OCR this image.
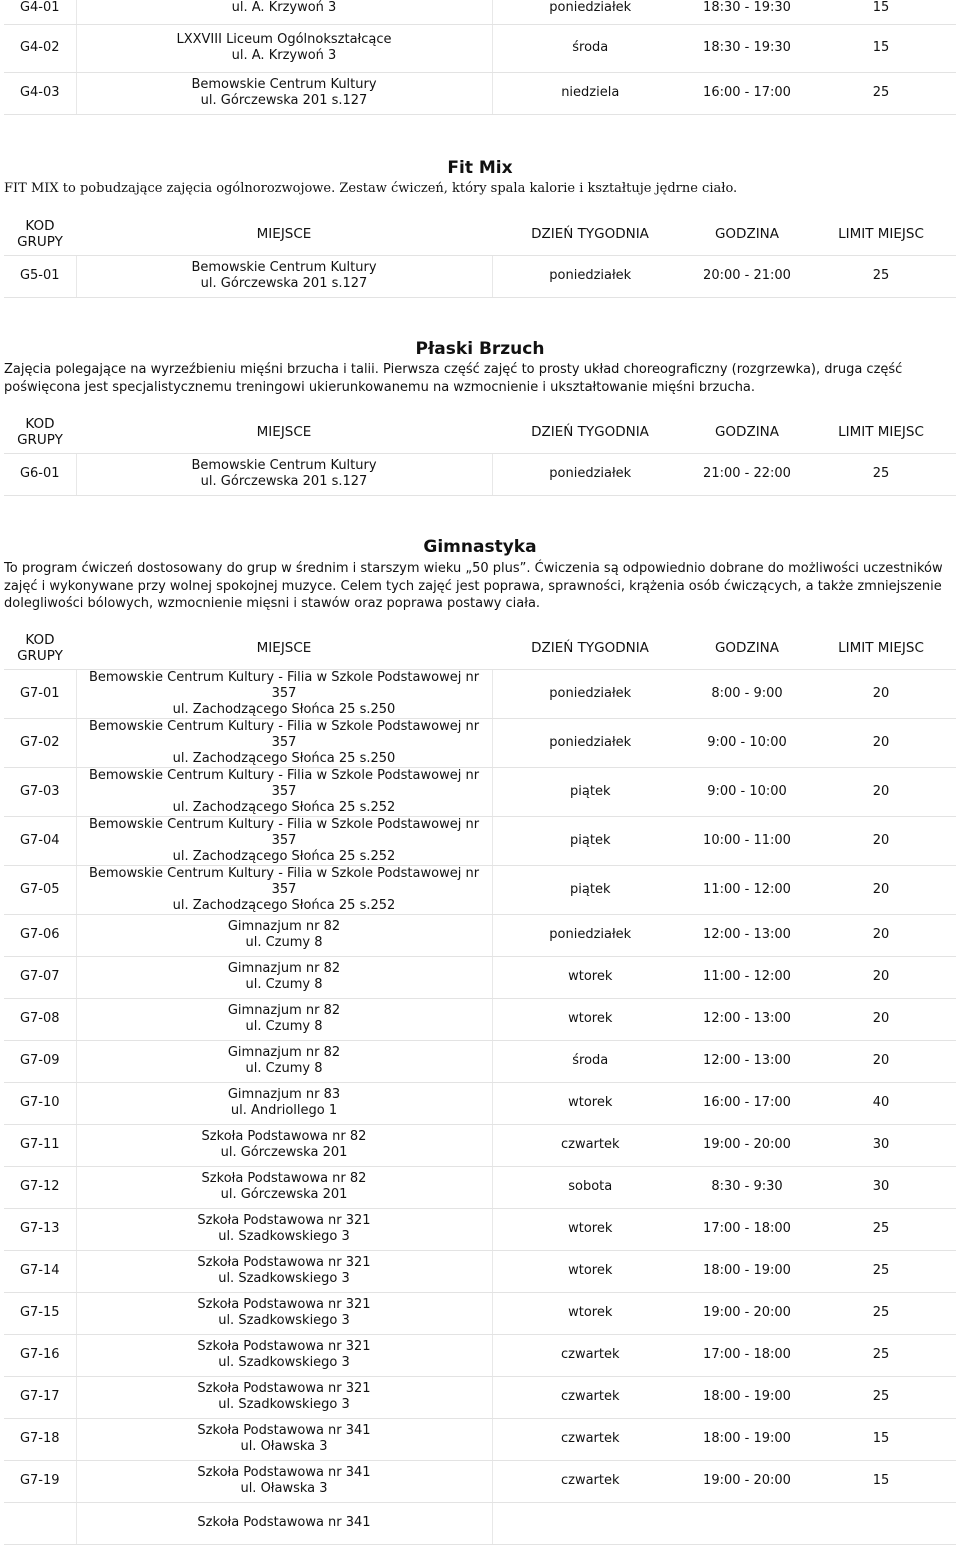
G4-01	ul. A. Krzywoń 3	poniedziałek	18:30 - 19:30	15
G4-02	LXXVIII Liceum Ogólnokształcące
ul. A. Krzywoń 3	środa	18:30 - 19:30	15
G4-03	Bemowskie Centrum Kultury
ul. Górczewska 201 s.127	niedziela	16:00 - 17:00	25
Fit Mix
FIT MIX to pobudzające zajęcia ogólnorozwojowe. Zestaw ćwiczeń, który spala kalorie i kształtuje jędrne ciało.
KOD
GRUPY	MIEJSCE	DZIEŃ TYGODNIA	GODZINA	LIMIT MIEJSC
G5-01	Bemowskie Centrum Kultury
ul. Górczewska 201 s.127	poniedziałek	20:00 - 21:00	25
Płaski Brzuch
Zajęcia polegające na wyrzeźbieniu mięśni brzucha i talii. Pierwsza część zajęć to prosty układ choreograficzny (rozgrzewka), druga część poświęcona jest specjalistycznemu treningowi ukierunkowanemu na wzmocnienie i ukształtowanie mięśni brzucha.
KOD
GRUPY	MIEJSCE	DZIEŃ TYGODNIA	GODZINA	LIMIT MIEJSC
G6-01	Bemowskie Centrum Kultury
ul. Górczewska 201 s.127	poniedziałek	21:00 - 22:00	25
Gimnastyka
To program ćwiczeń dostosowany do grup w średnim i starszym wieku „50 plus”. Ćwiczenia są odpowiednio dobrane do możliwości uczestników zajęć i wykonywane przy wolnej spokojnej muzyce. Celem tych zajęć jest poprawa, sprawności, krążenia osób ćwiczących, a także zmniejszenie dolegliwości bólowych, wzmocnienie mięsni i stawów oraz poprawa postawy ciała.
KOD
GRUPY	MIEJSCE	DZIEŃ TYGODNIA	GODZINA	LIMIT MIEJSC
G7-01	Bemowskie Centrum Kultury - Filia w Szkole Podstawowej nr 357
ul. Zachodzącego Słońca 25 s.250	poniedziałek	8:00 - 9:00	20
G7-02	Bemowskie Centrum Kultury - Filia w Szkole Podstawowej nr 357
ul. Zachodzącego Słońca 25 s.250	poniedziałek	9:00 - 10:00	20
G7-03	Bemowskie Centrum Kultury - Filia w Szkole Podstawowej nr 357
ul. Zachodzącego Słońca 25 s.252	piątek	9:00 - 10:00	20
G7-04	Bemowskie Centrum Kultury - Filia w Szkole Podstawowej nr 357
ul. Zachodzącego Słońca 25 s.252	piątek	10:00 - 11:00	20
G7-05	Bemowskie Centrum Kultury - Filia w Szkole Podstawowej nr 357
ul. Zachodzącego Słońca 25 s.252	piątek	11:00 - 12:00	20
G7-06	Gimnazjum nr 82
ul. Czumy 8	poniedziałek	12:00 - 13:00	20
G7-07	Gimnazjum nr 82
ul. Czumy 8	wtorek	11:00 - 12:00	20
G7-08	Gimnazjum nr 82
ul. Czumy 8	wtorek	12:00 - 13:00	20
G7-09	Gimnazjum nr 82
ul. Czumy 8	środa	12:00 - 13:00	20
G7-10	Gimnazjum nr 83
ul. Andriollego 1	wtorek	16:00 - 17:00	40
G7-11	Szkoła Podstawowa nr 82
ul. Górczewska 201	czwartek	19:00 - 20:00	30
G7-12	Szkoła Podstawowa nr 82
ul. Górczewska 201	sobota	8:30 - 9:30	30
G7-13	Szkoła Podstawowa nr 321
ul. Szadkowskiego 3	wtorek	17:00 - 18:00	25
G7-14	Szkoła Podstawowa nr 321
ul. Szadkowskiego 3	wtorek	18:00 - 19:00	25
G7-15	Szkoła Podstawowa nr 321
ul. Szadkowskiego 3	wtorek	19:00 - 20:00	25
G7-16	Szkoła Podstawowa nr 321
ul. Szadkowskiego 3	czwartek	17:00 - 18:00	25
G7-17	Szkoła Podstawowa nr 321
ul. Szadkowskiego 3	czwartek	18:00 - 19:00	25
G7-18	Szkoła Podstawowa nr 341
ul. Oławska 3	czwartek	18:00 - 19:00	15
G7-19	Szkoła Podstawowa nr 341
ul. Oławska 3	czwartek	19:00 - 20:00	15

	Szkoła Podstawowa nr 341			
